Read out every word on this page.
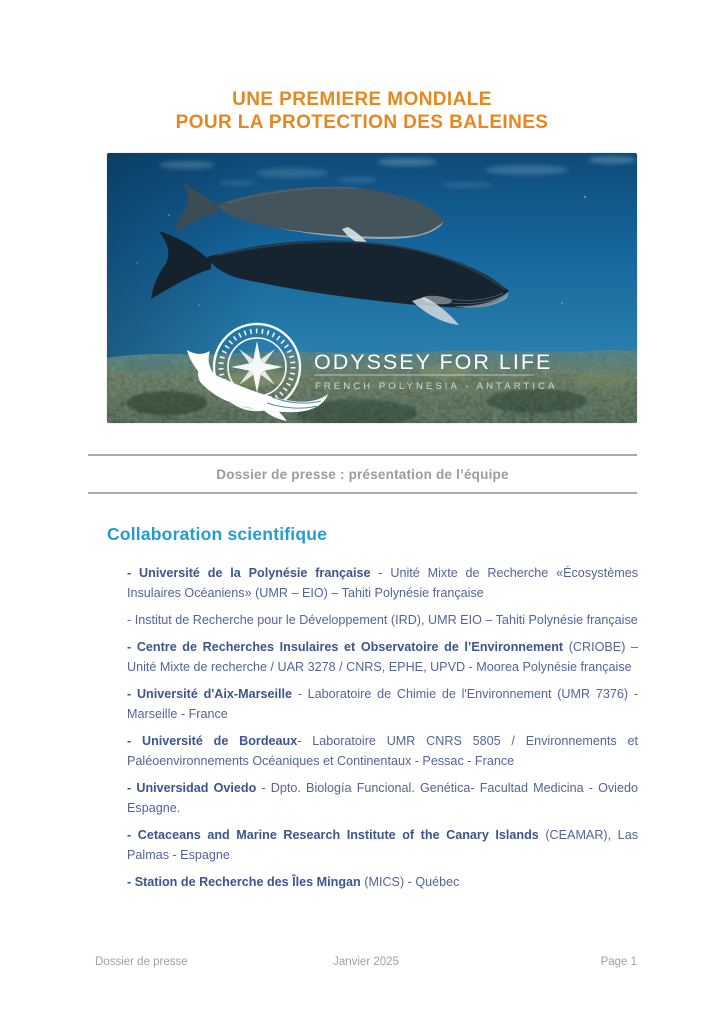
UNE PREMIERE MONDIALE
POUR LA PROTECTION DES BALEINES
ODYSSEY FOR LIFE
FRENCH POLYNESIA - ANTARTICA
Dossier de presse : présentation de l’équipe
Collaboration scientifique

- Université de la Polynésie française - Unité Mixte de Recherche «Écosystèmes Insulaires Océaniens» (UMR – EIO) – Tahiti Polynésie française

- Institut de Recherche pour le Développement (IRD), UMR EIO – Tahiti Polynésie française

- Centre de Recherches Insulaires et Observatoire de l’Environnement (CRIOBE) – Unité Mixte de recherche / UAR 3278 / CNRS, EPHE, UPVD - Moorea Polynésie française

- Université d'Aix-Marseille - Laboratoire de Chimie de l'Environnement (UMR 7376) - Marseille - France

- Université de Bordeaux- Laboratoire UMR CNRS 5805 / Environnements et Paléoenvironnements Océaniques et Continentaux - Pessac - France

- Universidad Oviedo - Dpto. Biología Funcional. Genética- Facultad Medicina - Oviedo Espagne.

- Cetaceans and Marine Research Institute of the Canary Islands (CEAMAR), Las Palmas - Espagne

- Station de Recherche des Îles Mingan (MICS) - Québec

Dossier de presse	Janvier 2025	Page 1
